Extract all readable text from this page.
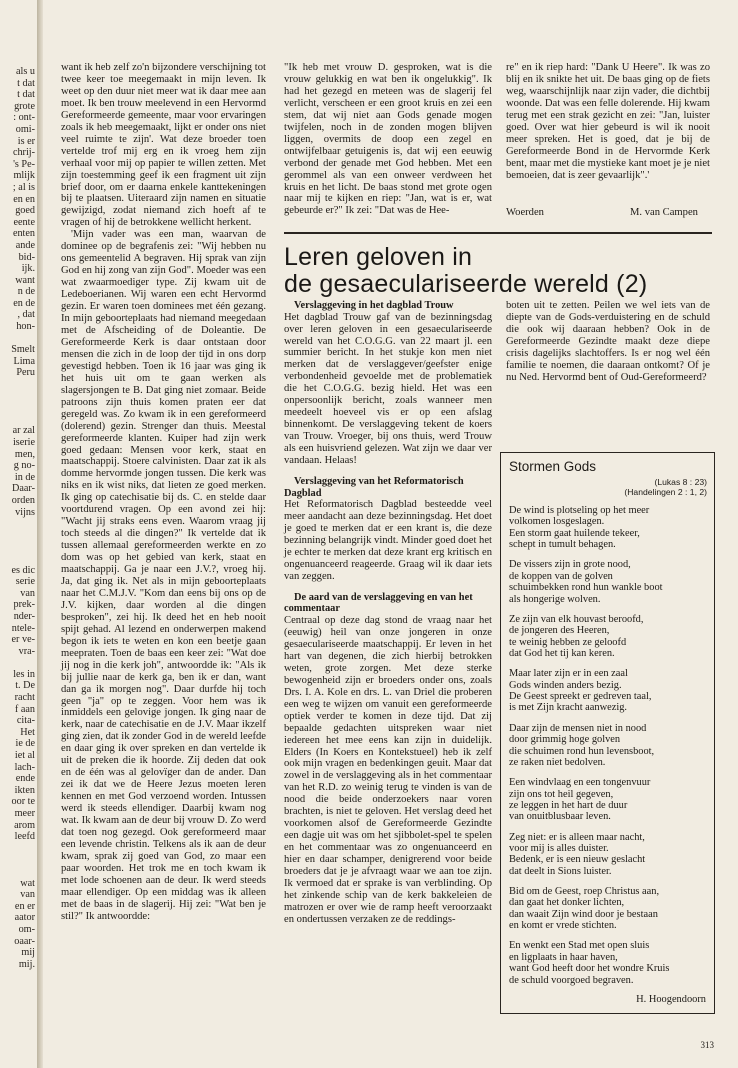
als u
t dat
t dat
grote
: ont-
omi-
is er
chrij-
's Pe-
mlijk
; al is
en en
goed
eente
enten
ande
bid-
ijk.
want
n de
en de
, dat
hon-

Smelt
Lima
Peru

ar zal
iserie
men,
g no-
in de
Daar-
orden
vijns

es dic
serie
van
prek-
nder-
ntele-
er ve-
vra-

les in
t. De
racht
f aan
cita-
Het
ie de
iet al
lach-
ende
ikten
oor te
meer
arom
leefd

wat
van
en er
aator
om-
oaar-
mij
mij.

want ik heb zelf zo'n bijzondere verschijning tot twee keer toe meegemaakt in mijn leven. Ik weet op den duur niet meer wat ik daar mee aan moet. Ik ben trouw meelevend in een Hervormd Gereformeerde gemeente, maar voor ervaringen zoals ik heb meegemaakt, lijkt er onder ons niet veel ruimte te zijn'. Wat deze broeder toen vertelde trof mij erg en ik vroeg hem zijn verhaal voor mij op papier te willen zetten. Met zijn toestemming geef ik een fragment uit zijn brief door, om er daarna enkele kanttekeningen bij te plaatsen. Uiteraard zijn namen en situatie gewijzigd, zodat niemand zich hoeft af te vragen of hij de betrokkene wellicht herkent.

'Mijn vader was een man, waarvan de dominee op de begrafenis zei: "Wij hebben nu ons gemeentelid A begraven. Hij sprak van zijn God en hij zong van zijn God". Moeder was een wat zwaarmoediger type. Zij kwam uit de Ledeboerianen. Wij waren een echt Hervormd gezin. Er waren toen dominees met één gezang. In mijn geboorteplaats had niemand meegedaan met de Afscheiding of de Doleantie. De Gereformeerde Kerk is daar ontstaan door mensen die zich in de loop der tijd in ons dorp gevestigd hebben. Toen ik 16 jaar was ging ik het huis uit om te gaan werken als slagersjongen te B. Dat ging niet zomaar. Beide patroons zijn thuis komen praten eer dat geregeld was. Zo kwam ik in een gereformeerd (dolerend) gezin. Strenger dan thuis. Meestal gereformeerde klanten. Kuiper had zijn werk goed gedaan: Mensen voor kerk, staat en maatschappij. Stoere calvinisten. Daar zat ik als domme hervormde jongen tussen. Die kerk was niks en ik wist niks, dat lieten ze goed merken. Ik ging op catechisatie bij ds. C. en stelde daar voortdurend vragen. Op een avond zei hij: "Wacht jij straks eens even. Waarom vraag jij toch steeds al die dingen?" Ik vertelde dat ik tussen allemaal gereformeerden werkte en zo dom was op het gebied van kerk, staat en maatschappij. Ga je naar een J.V.?, vroeg hij. Ja, dat ging ik. Net als in mijn geboorteplaats naar het C.M.J.V. "Kom dan eens bij ons op de J.V. kijken, daar worden al die dingen besproken", zei hij. Ik deed het en heb nooit spijt gehad. Al lezend en onderwerpen makend begon ik iets te weten en kon een beetje gaan meepraten. Toen de baas een keer zei: "Wat doe jij nog in die kerk joh", antwoordde ik: "Als ik bij jullie naar de kerk ga, ben ik er dan, want dan ga ik morgen nog". Daar durfde hij toch geen "ja" op te zeggen. Voor hem was ik inmiddels een gelovige jongen. Ik ging naar de kerk, naar de catechisatie en de J.V. Maar ikzelf ging zien, dat ik zonder God in de wereld leefde en daar ging ik over spreken en dan vertelde ik uit de preken die ik hoorde. Zij deden dat ook en de één was al gelovïger dan de ander. Dan zei ik dat we de Heere Jezus moeten leren kennen en met God verzoend worden. Intussen werd ik steeds ellendiger. Daarbij kwam nog wat. Ik kwam aan de deur bij vrouw D. Zo werd dat toen nog gezegd. Ook gereformeerd maar een levende christin. Telkens als ik aan de deur kwam, sprak zij goed van God, zo maar een paar woorden. Het trok me en toch kwam ik met lode schoenen aan de deur. Ik werd steeds maar ellendiger. Op een middag was ik alleen met de baas in de slagerij. Hij zei: "Wat ben je stil?" Ik antwoordde:

"Ik heb met vrouw D. gesproken, wat is die vrouw gelukkig en wat ben ik ongelukkig". Ik had het gezegd en meteen was de slagerij fel verlicht, verscheen er een groot kruis en zei een stem, dat wij niet aan Gods genade mogen twijfelen, noch in de zonden mogen blijven liggen, overmits de doop een zegel en ontwijfelbaar getuigenis is, dat wij een eeuwig verbond der genade met God hebben. Met een gerommel als van een onweer verdween het kruis en het licht. De baas stond met grote ogen naar mij te kijken en riep: "Jan, wat is er, wat gebeurde er?" Ik zei: "Dat was de Hee-

re" en ik riep hard: "Dank U Heere". Ik was zo blij en ik snikte het uit. De baas ging op de fiets weg, waarschijnlijk naar zijn vader, die dichtbij woonde. Dat was een felle dolerende. Hij kwam terug met een strak gezicht en zei: "Jan, luister goed. Over wat hier gebeurd is wil ik nooit meer spreken. Het is goed, dat je bij de Gereformeerde Bond in de Hervormde Kerk bent, maar met die mystieke kant moet je je niet bemoeien, dat is zeer gevaarlijk".'

Woerden	M. van Campen
Leren geloven in
de gesaeculariseerde wereld (2)

Verslaggeving in het dagblad Trouw

Het dagblad Trouw gaf van de bezinningsdag over leren geloven in een gesaeculariseerde wereld van het C.O.G.G. van 22 maart jl. een summier bericht. In het stukje kon men niet merken dat de verslaggever/geefster enige verbondenheid gevoelde met de problematiek die het C.O.G.G. bezig hield. Het was een onpersoonlijk bericht, zoals wanneer men meedeelt hoeveel vis er op een afslag binnenkomt. De verslaggeving tekent de koers van Trouw. Vroeger, bij ons thuis, werd Trouw als een huisvriend gelezen. Wat zijn we daar ver vandaan. Helaas!

Verslaggeving van het Reformatorisch Dagblad

Het Reformatorisch Dagblad besteedde veel meer aandacht aan deze bezinningsdag. Het doet je goed te merken dat er een krant is, die deze bezinning belangrijk vindt. Minder goed doet het je echter te merken dat deze krant erg kritisch en ongenuanceerd reageerde. Graag wil ik daar iets van zeggen.

De aard van de verslaggeving en van het commentaar

Centraal op deze dag stond de vraag naar het (eeuwig) heil van onze jongeren in onze gesaeculariseerde maatschappij. Er leven in het hart van degenen, die zich hierbij betrokken weten, grote zorgen. Met deze sterke bewogenheid zijn er broeders onder ons, zoals Drs. I. A. Kole en drs. L. van Driel die proberen een weg te wijzen om vanuit een gereformeerde optiek verder te komen in deze tijd. Dat zij bepaalde gedachten uitspreken waar niet iedereen het mee eens kan zijn in duidelijk. Elders (In Koers en Kontekstueel) heb ik zelf ook mijn vragen en bedenkingen geuit. Maar dat zowel in de verslaggeving als in het commentaar van het R.D. zo weinig terug te vinden is van de nood die beide onderzoekers naar voren brachten, is niet te geloven. Het verslag deed het voorkomen alsof de Gereformeerde Gezindte een dagje uit was om het sjibbolet-spel te spelen en het commentaar was zo ongenuanceerd en hier en daar schamper, denigrerend voor beide broeders dat je je afvraagt waar we aan toe zijn. Ik vermoed dat er sprake is van verblinding. Op het zinkende schip van de kerk bakkeleien de matrozen er over wie de ramp heeft veroorzaakt en ondertussen verzaken ze de reddings-

boten uit te zetten. Peilen we wel iets van de diepte van de Gods-verduistering en de schuld die ook wij daaraan hebben? Ook in de Gereformeerde Gezindte maakt deze diepe crisis dagelijks slachtoffers. Is er nog wel één familie te noemen, die daaraan ontkomt? Of je nu Ned. Hervormd bent of Oud-Gereformeerd?

Stormen Gods
(Lukas 8 : 23)
(Handelingen 2 : 1, 2)
De wind is plotseling op het meer
volkomen losgeslagen.
Een storm gaat huilende tekeer,
schept in tumult behagen.
De vissers zijn in grote nood,
de koppen van de golven
schuimbekken rond hun wankle boot
als hongerige wolven.
Ze zijn van elk houvast beroofd,
de jongeren des Heeren,
te weinig hebben ze geloofd
dat God het tij kan keren.
Maar later zijn er in een zaal
Gods winden anders bezig.
De Geest spreekt er gedreven taal,
is met Zijn kracht aanwezig.
Daar zijn de mensen niet in nood
door grimmig hoge golven
die schuimen rond hun levensboot,
ze raken niet bedolven.
Een windvlaag en een tongenvuur
zijn ons tot heil gegeven,
ze leggen in het hart de duur
van onuitblusbaar leven.
Zeg niet: er is alleen maar nacht,
voor mij is alles duister.
Bedenk, er is een nieuw geslacht
dat deelt in Sions luister.
Bid om de Geest, roep Christus aan,
dan gaat het donker lichten,
dan waait Zijn wind door je bestaan
en komt er vrede stichten.
En wenkt een Stad met open sluis
en ligplaats in haar haven,
want God heeft door het wondre Kruis
de schuld voorgoed begraven.
H. Hoogendoorn
313
